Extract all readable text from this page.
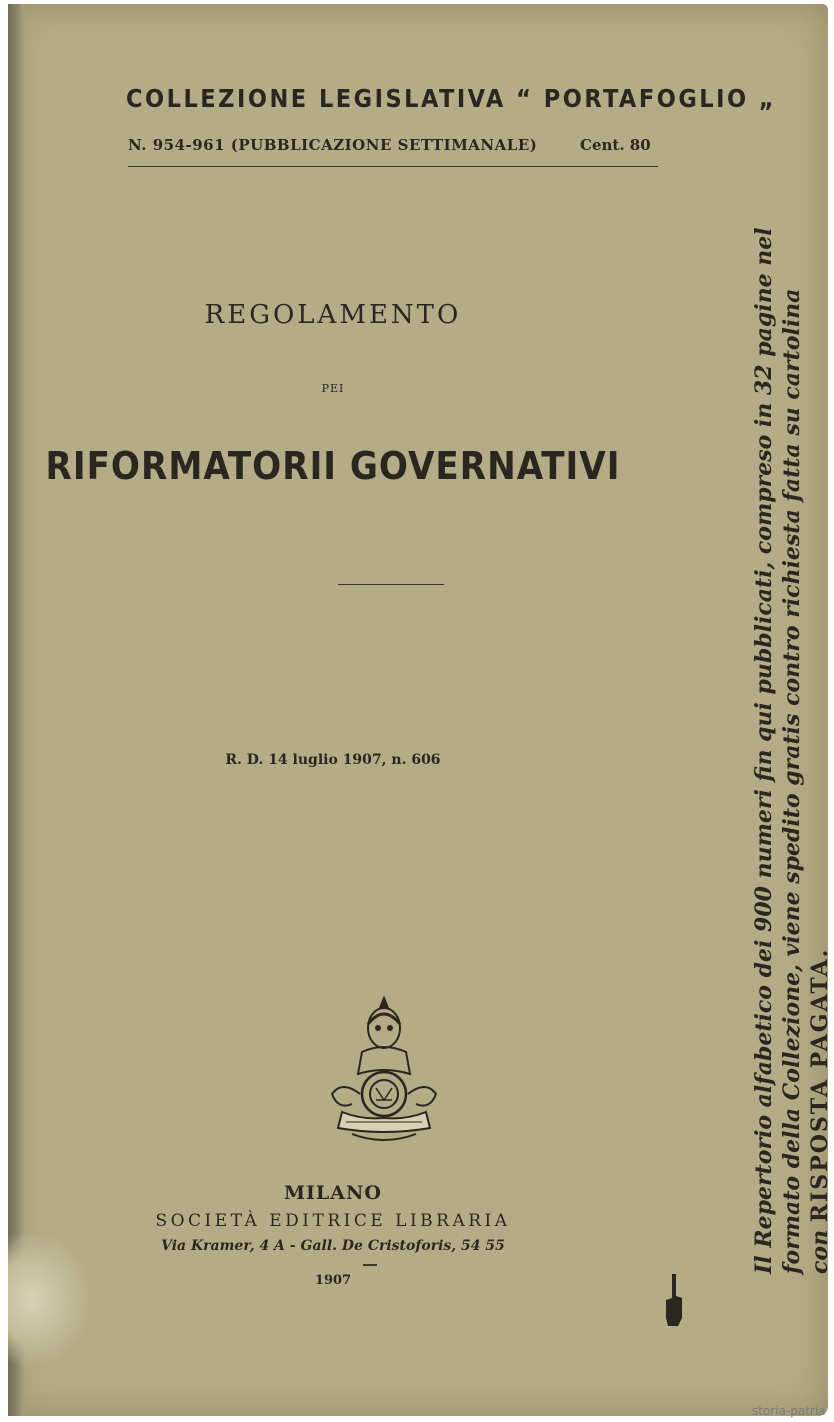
COLLEZIONE LEGISLATIVA “ PORTAFOGLIO „
N. 954-961 (PUBBLICAZIONE SETTIMANALE)	Cent. 80
REGOLAMENTO
PEI
RIFORMATORII GOVERNATIVI
R. D. 14 luglio 1907, n. 606
MILANO
SOCIETÀ EDITRICE LIBRARIA
Via Kramer, 4 A - Gall. De Cristoforis, 54 55
1907
Il Repertorio alfabetico dei 900 numeri fin qui pubblicati, compreso in 32 pagine nel formato della Collezione, viene spedito gratis contro richiesta fatta su cartolina con RISPOSTA PAGATA.
storia-patria
